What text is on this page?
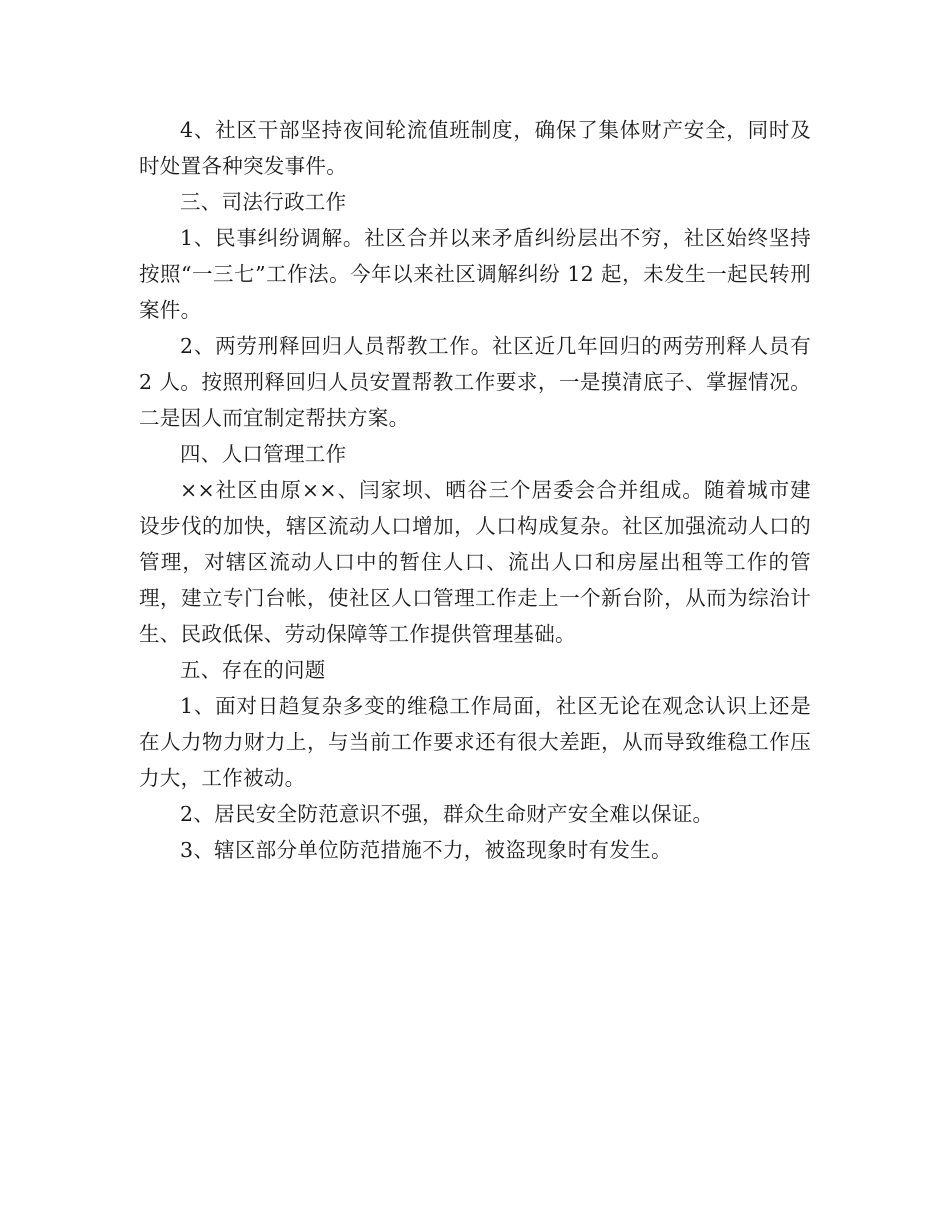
4、社区干部坚持夜间轮流值班制度，确保了集体财产安全，同时及时处置各种突发事件。

三、司法行政工作

1、民事纠纷调解。社区合并以来矛盾纠纷层出不穷，社区始终坚持按照“一三七”工作法。今年以来社区调解纠纷 12 起，未发生一起民转刑案件。

2、两劳刑释回归人员帮教工作。社区近几年回归的两劳刑释人员有 2 人。按照刑释回归人员安置帮教工作要求，一是摸清底子、掌握情况。二是因人而宜制定帮扶方案。

四、人口管理工作

××社区由原××、闫家坝、晒谷三个居委会合并组成。随着城市建设步伐的加快，辖区流动人口增加，人口构成复杂。社区加强流动人口的管理，对辖区流动人口中的暂住人口、流出人口和房屋出租等工作的管理，建立专门台帐，使社区人口管理工作走上一个新台阶，从而为综治计生、民政低保、劳动保障等工作提供管理基础。

五、存在的问题

1、面对日趋复杂多变的维稳工作局面，社区无论在观念认识上还是在人力物力财力上，与当前工作要求还有很大差距，从而导致维稳工作压力大，工作被动。

2、居民安全防范意识不强，群众生命财产安全难以保证。

3、辖区部分单位防范措施不力，被盗现象时有发生。
